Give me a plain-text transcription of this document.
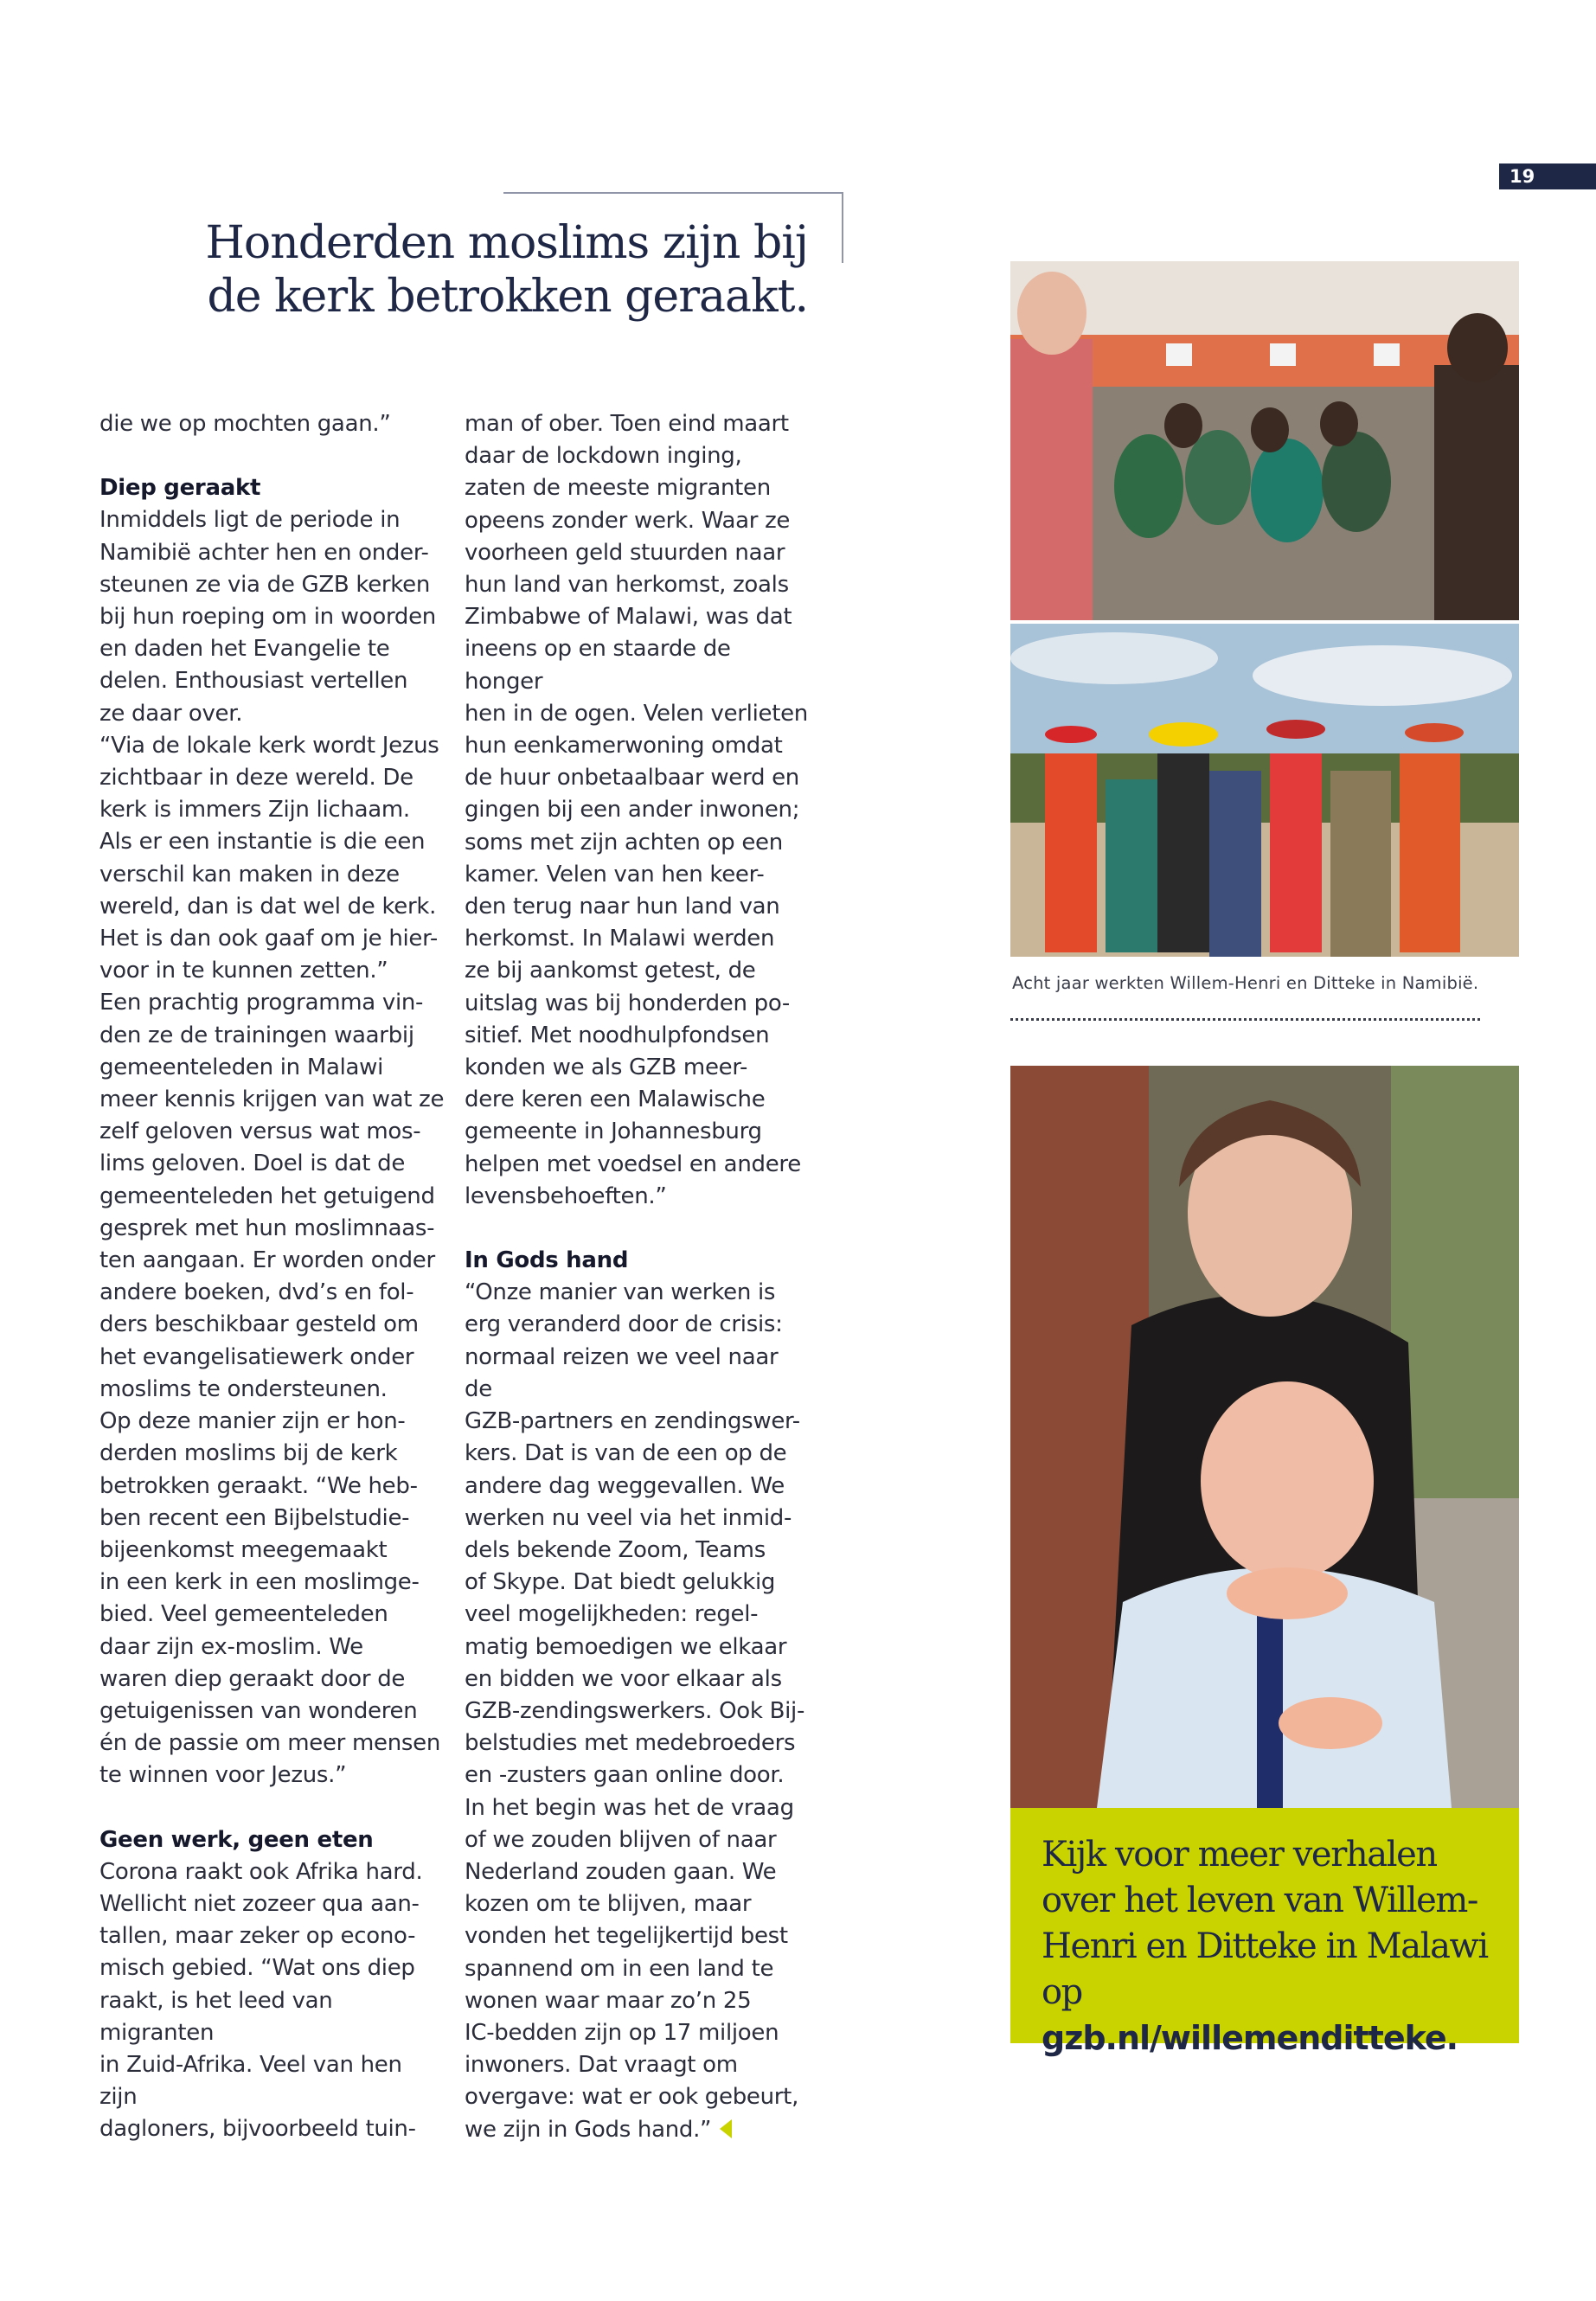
19
Honderden moslims zijn bij
de kerk betrokken geraakt.

die we op mochten gaan.”

Diep geraakt

Inmiddels ligt de periode in
Namibië achter hen en onder-
steunen ze via de GZB kerken
bij hun roeping om in woorden
en daden het Evangelie te
delen. Enthousiast vertellen
ze daar over.
“Via de lokale kerk wordt Jezus
zichtbaar in deze wereld. De
kerk is immers Zijn lichaam.
Als er een instantie is die een
verschil kan maken in deze
wereld, dan is dat wel de kerk.
Het is dan ook gaaf om je hier-
voor in te kunnen zetten.”
Een prachtig programma vin-
den ze de trainingen waarbij
gemeenteleden in Malawi
meer kennis krijgen van wat ze
zelf geloven versus wat mos-
lims geloven. Doel is dat de
gemeenteleden het getuigend
gesprek met hun moslimnaas-
ten aangaan. Er worden onder
andere boeken, dvd’s en fol-
ders beschikbaar gesteld om
het evangelisatiewerk onder
moslims te ondersteunen.
Op deze manier zijn er hon-
derden moslims bij de kerk
betrokken geraakt. “We heb-
ben recent een Bijbelstudie-
bijeenkomst meegemaakt
in een kerk in een moslimge-
bied. Veel gemeenteleden
daar zijn ex-moslim. We
waren diep geraakt door de
getuigenissen van wonderen
én de passie om meer mensen
te winnen voor Jezus.”

Geen werk, geen eten

Corona raakt ook Afrika hard.
Wellicht niet zozeer qua aan-
tallen, maar zeker op econo-
misch gebied. “Wat ons diep
raakt, is het leed van migranten
in Zuid-Afrika. Veel van hen zijn
dagloners, bijvoorbeeld tuin-

man of ober. Toen eind maart
daar de lockdown inging,
zaten de meeste migranten
opeens zonder werk. Waar ze
voorheen geld stuurden naar
hun land van herkomst, zoals
Zimbabwe of Malawi, was dat
ineens op en staarde de honger
hen in de ogen. Velen verlieten
hun eenkamerwoning omdat
de huur onbetaalbaar werd en
gingen bij een ander inwonen;
soms met zijn achten op een
kamer. Velen van hen keer-
den terug naar hun land van
herkomst. In Malawi werden
ze bij aankomst getest, de
uitslag was bij honderden po-
sitief. Met noodhulpfondsen
konden we als GZB meer-
dere keren een Malawische
gemeente in Johannesburg
helpen met voedsel en andere
levensbehoeften.”

In Gods hand

“Onze manier van werken is
erg veranderd door de crisis:
normaal reizen we veel naar de
GZB-partners en zendingswer-
kers. Dat is van de een op de
andere dag weggevallen. We
werken nu veel via het inmid-
dels bekende Zoom, Teams
of Skype. Dat biedt gelukkig
veel mogelijkheden: regel-
matig bemoedigen we elkaar
en bidden we voor elkaar als
GZB-zendingswerkers. Ook Bij-
belstudies met medebroeders
en -zusters gaan online door.
In het begin was het de vraag
of we zouden blijven of naar
Nederland zouden gaan. We
kozen om te blijven, maar
vonden het tegelijkertijd best
spannend om in een land te
wonen waar maar zo’n 25
IC-bedden zijn op 17 miljoen
inwoners. Dat vraagt om
overgave: wat er ook gebeurt,
we zijn in Gods hand.”

Acht jaar werkten Willem-Henri en Ditteke in Namibië.

Kijk voor meer verhalen over het leven van Willem-Henri en Ditteke in Malawi op

gzb.nl/willemenditteke.
